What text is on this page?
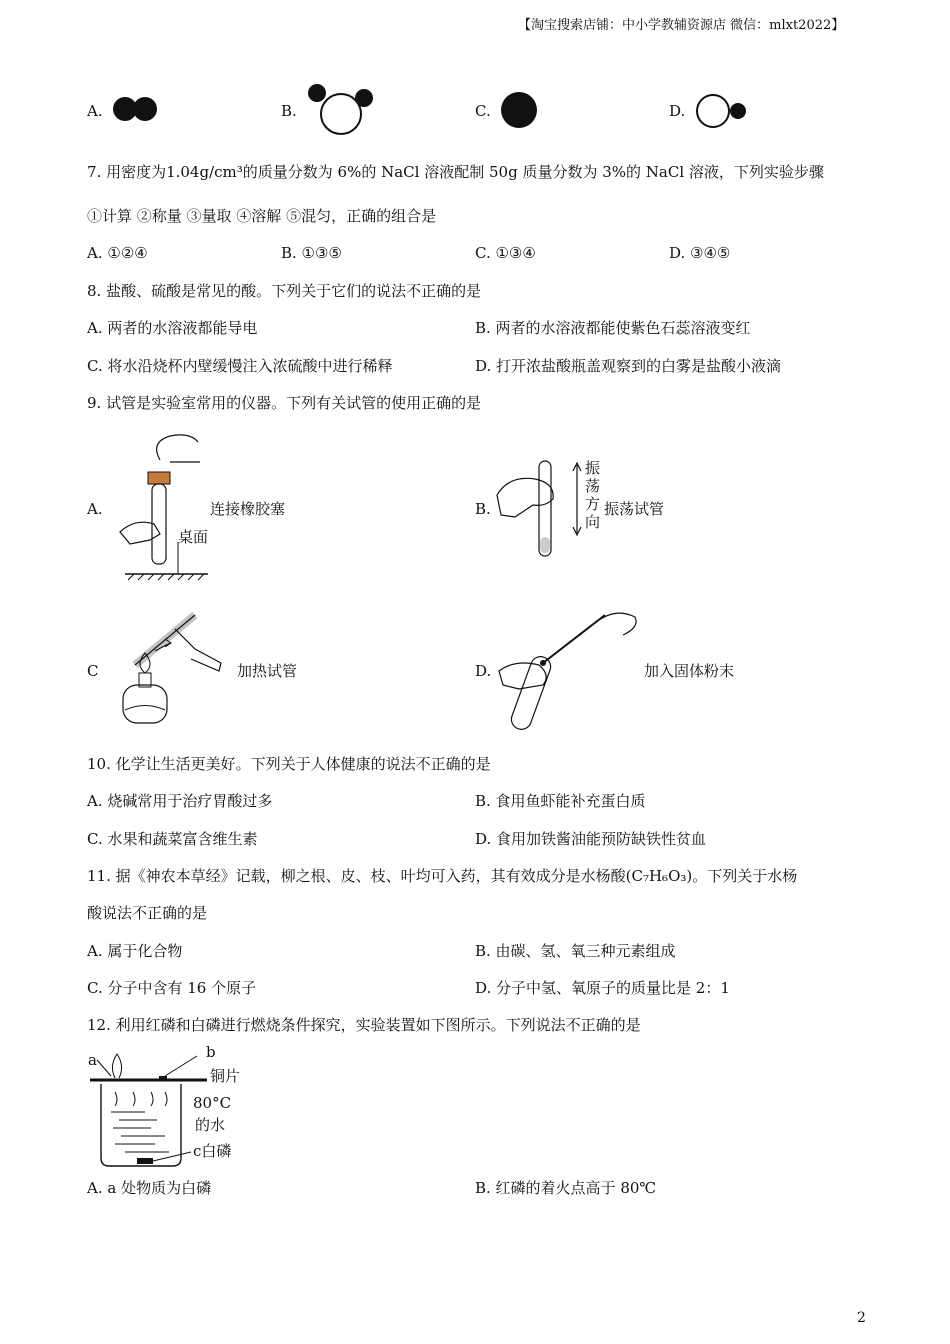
【淘宝搜索店铺：中小学教辅资源店 微信：mlxt2022】
A.	B.	C.	D.
7. 用密度为1.04g/cm³的质量分数为 6%的 NaCl 溶液配制 50g 质量分数为 3%的 NaCl 溶液，下列实验步骤
①计算 ②称量 ③量取 ④溶解 ⑤混匀，正确的组合是
A. ①②④	B. ①③⑤	C. ①③④	D. ③④⑤
8. 盐酸、硫酸是常见的酸。下列关于它们的说法不正确的是
A. 两者的水溶液都能导电	B. 两者的水溶液都能使紫色石蕊溶液变红
C. 将水沿烧杯内壁缓慢注入浓硫酸中进行稀释	D. 打开浓盐酸瓶盖观察到的白雾是盐酸小液滴
9. 试管是实验室常用的仪器。下列有关试管的使用正确的是
A.
桌面
连接橡胶塞	B.
振
荡
方
向
振荡试管
C	加热试管	D.	加入固体粉末
10. 化学让生活更美好。下列关于人体健康的说法不正确的是
A. 烧碱常用于治疗胃酸过多	B. 食用鱼虾能补充蛋白质
C. 水果和蔬菜富含维生素	D. 食用加铁酱油能预防缺铁性贫血
11. 据《神农本草经》记载，柳之根、皮、枝、叶均可入药，其有效成分是水杨酸(C₇H₆O₃)。下列关于水杨
酸说法不正确的是
A. 属于化合物	B. 由碳、氢、氧三种元素组成
C. 分子中含有 16 个原子	D. 分子中氢、氧原子的质量比是 2：1
12. 利用红磷和白磷进行燃烧条件探究，实验装置如下图所示。下列说法不正确的是
a	b
铜片
80°C
的水
c白磷
A. a 处物质为白磷	B. 红磷的着火点高于 80℃
2
